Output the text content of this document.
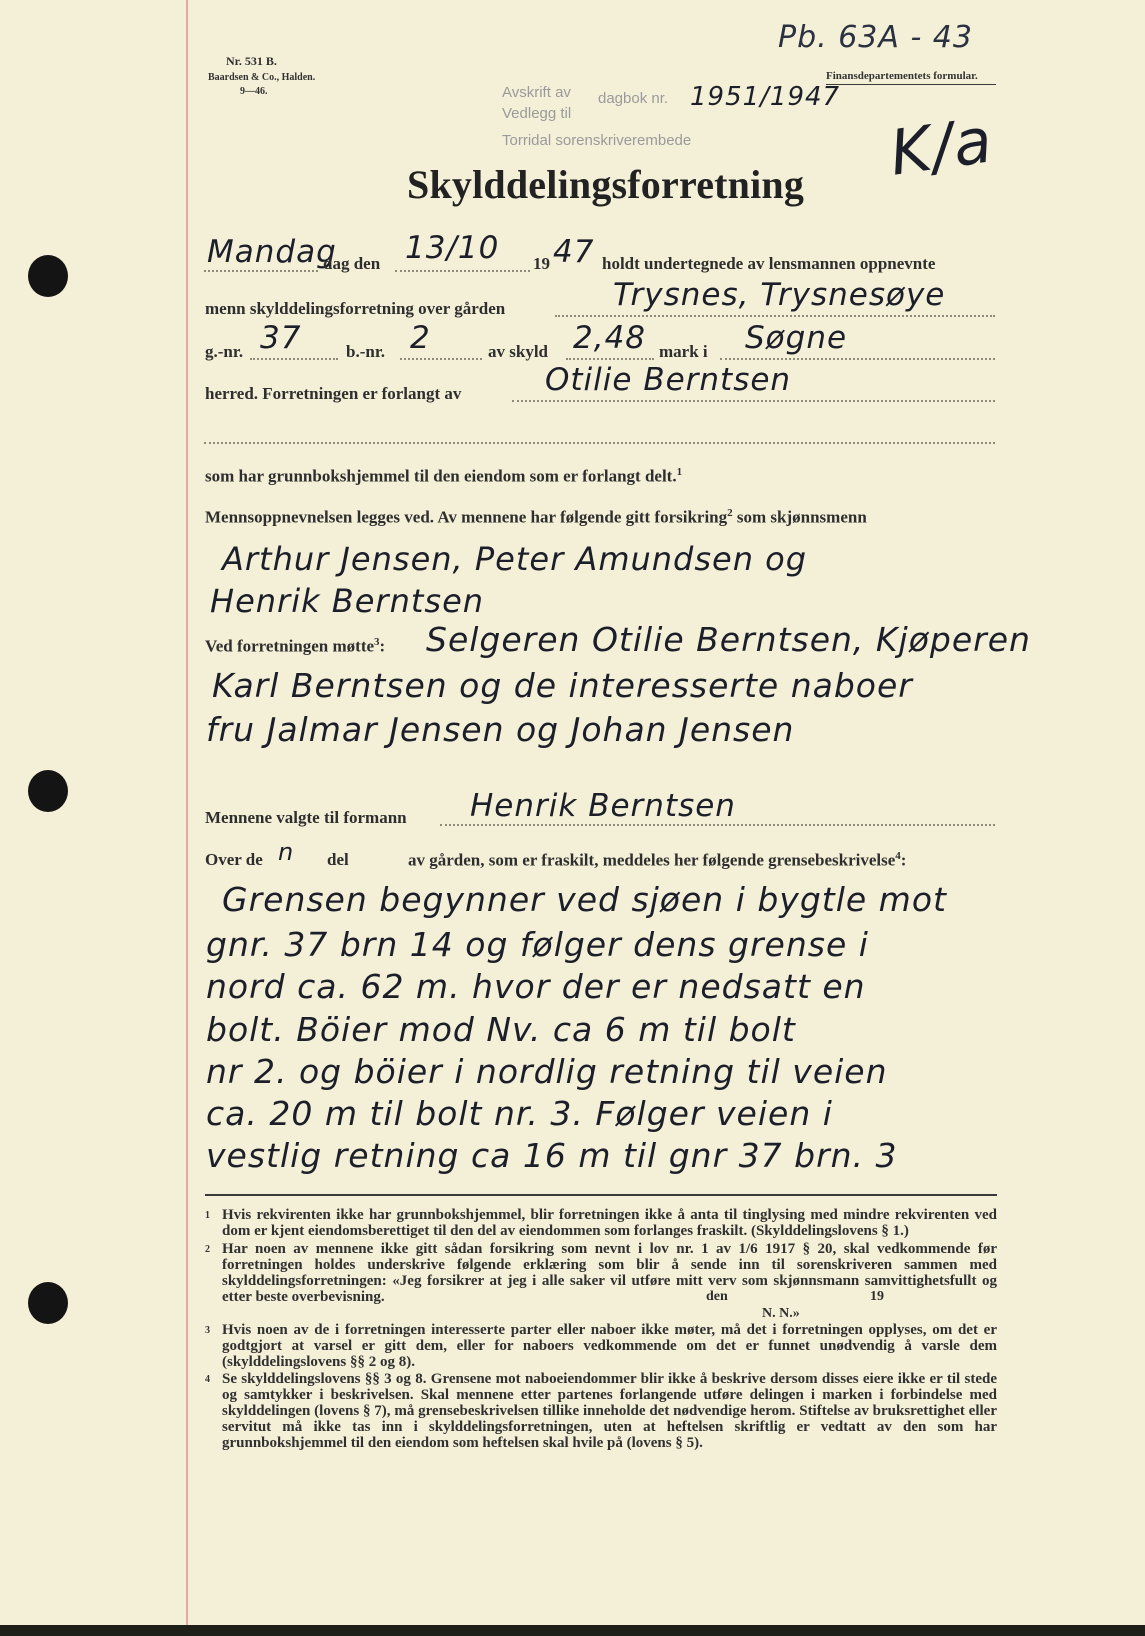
Nr. 531 B.
Baardsen & Co., Halden.
9—46.
Finansdepartementets formular.
Pb. 63A - 43
Avskrift av dagbok nr.
Vedlegg til
Torridal sorenskriverembede
1951/1947
K/a
Skylddelingsforretning
Mandag
dag den 13/10 19 47 holdt undertegnede av lensmannen oppnevnte
menn skylddelingsforretning over gården	Trysnes, Trysnesøye
g.-nr. 37	b.-nr. 2	av skyld 2,48 mark i Søgne
herred. Forretningen er forlangt av	Otilie Berntsen
som har grunnbokshjemmel til den eiendom som er forlangt delt.$^1$
Mennsoppnevnelsen legges ved. Av mennene har følgende gitt forsikring$^2$ som skjønnsmenn
Arthur Jensen, Peter Amundsen og
Henrik Berntsen
Ved forretningen møtte$^3$: Selgeren Otilie Berntsen, Kjøperen
Karl Berntsen og de interesserte naboer
fru Jalmar Jensen og Johan Jensen
Mennene valgte til formann Henrik Berntsen
Over de n del	av gården, som er fraskilt, meddeles her følgende grensebeskrivelse$^4$:
Grensen begynner ved sjøen i bygtle mot
gnr. 37 brn 14 og følger dens grense i
nord ca. 62 m. hvor der er nedsatt en
bolt. Böier mod Nv. ca 6 m til bolt
nr 2. og böier i nordlig retning til veien
ca. 20 m til bolt nr. 3. Følger veien i
vestlig retning ca 16 m til gnr 37 brn. 3
1 Hvis rekvirenten ikke har grunnbokshjemmel, blir forretningen ikke å anta til tinglysing med mindre rekvirenten ved dom er kjent eiendomsberettiget til den del av eiendommen som forlanges fraskilt. (Skylddelingslovens § 1.)
2 Har noen av mennene ikke gitt sådan forsikring som nevnt i lov nr. 1 av 1/6 1917 § 20, skal vedkommende før forretningen holdes underskrive følgende erklæring som blir å sende inn til sorenskriveren sammen med skylddelingsforretningen: «Jeg forsikrer at jeg i alle saker vil utføre mitt verv som skjønnsmann samvittighetsfullt og etter beste overbevisning.	den	19
N. N.»
3 Hvis noen av de i forretningen interesserte parter eller naboer ikke møter, må det i forretningen opplyses, om det er godtgjort at varsel er gitt dem, eller for naboers vedkommende om det er funnet unødvendig å varsle dem (skylddelingslovens §§ 2 og 8).
4 Se skylddelingslovens §§ 3 og 8. Grensene mot naboeiendommer blir ikke å beskrive dersom disses eiere ikke er til stede og samtykker i beskrivelsen. Skal mennene etter partenes forlangende utføre delingen i marken i forbindelse med skylddelingen (lovens § 7), må grensebeskrivelsen tillike inneholde det nødvendige herom. Stiftelse av bruksrettighet eller servitut må ikke tas inn i skylddelingsforretningen, uten at heftelsen skriftlig er vedtatt av den som har grunnbokshjemmel til den eiendom som heftelsen skal hvile på (lovens § 5).
